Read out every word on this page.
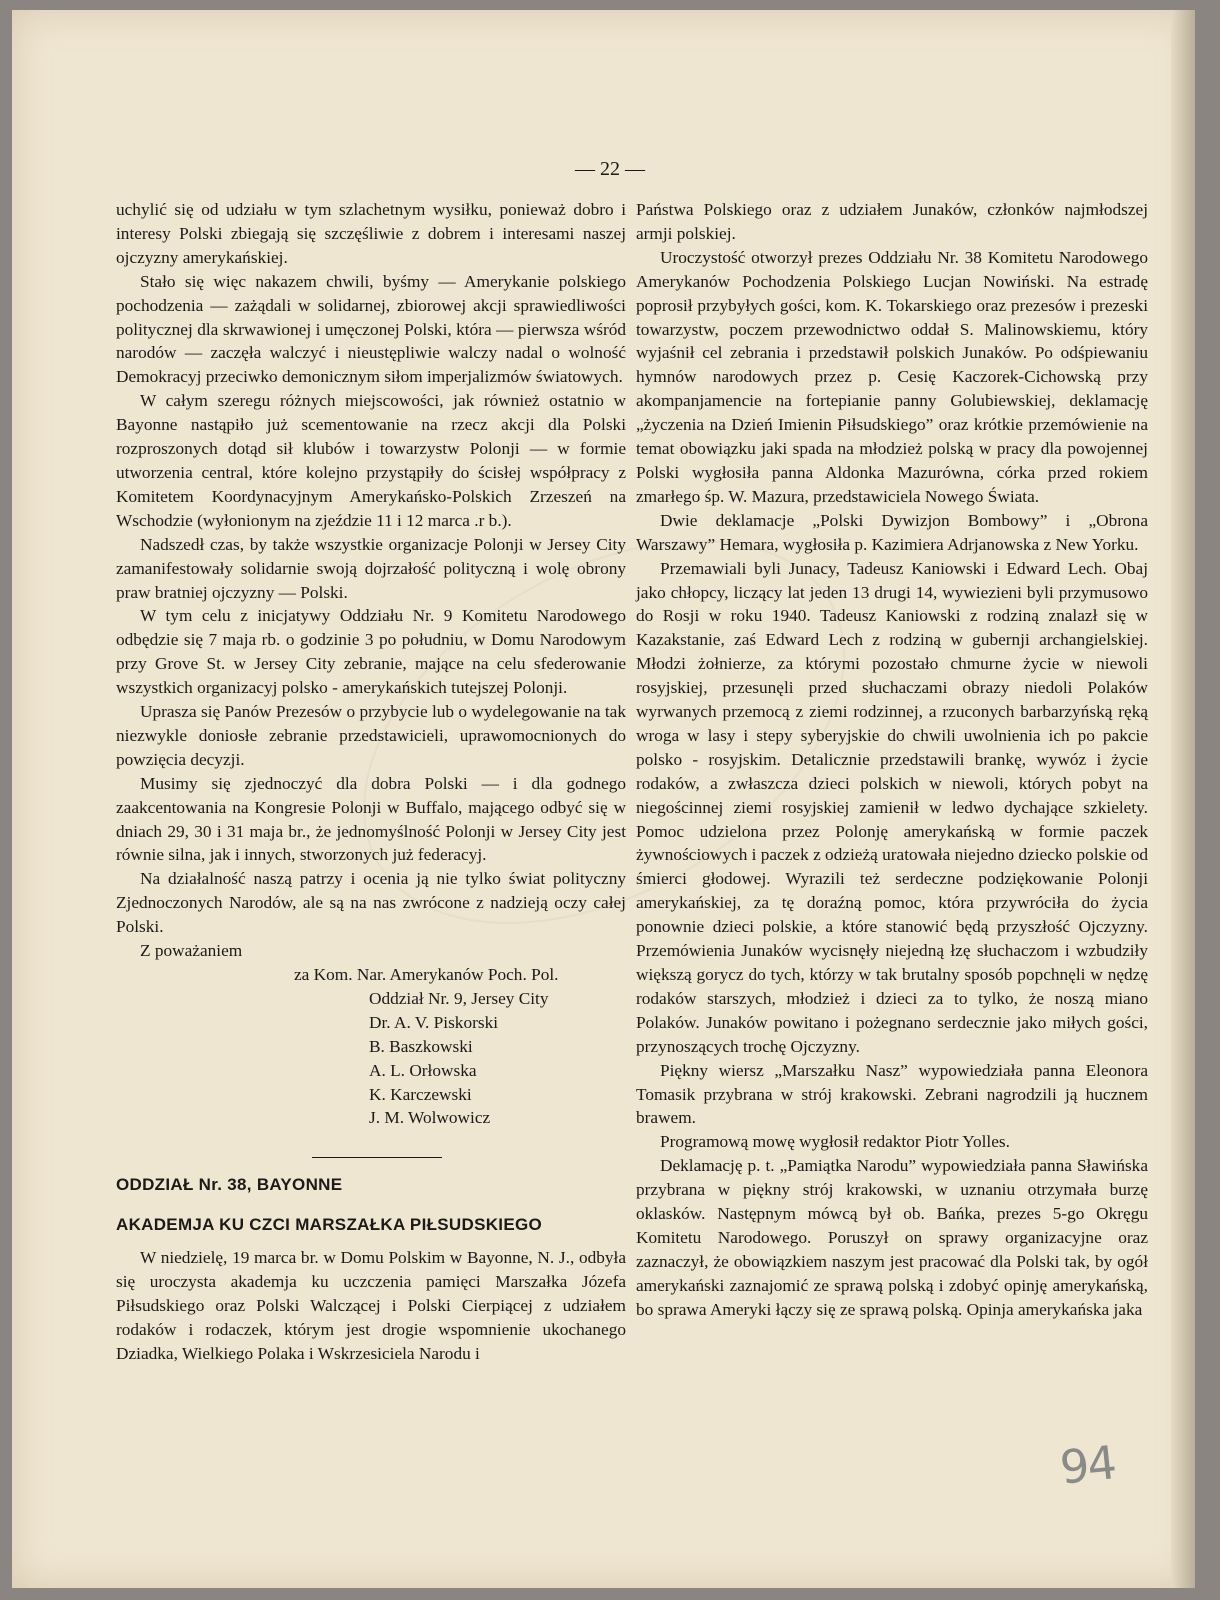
— 22 —

uchylić się od udziału w tym szlachetnym wysiłku, ponieważ dobro i interesy Polski zbiegają się szczęśliwie z dobrem i interesami naszej ojczyzny amerykańskiej.

Stało się więc nakazem chwili, byśmy — Amerykanie polskiego pochodzenia — zażądali w solidarnej, zbiorowej akcji sprawiedliwości politycznej dla skrwawionej i umęczonej Polski, która — pierwsza wśród narodów — zaczęła walczyć i nieustępliwie walczy nadal o wolność Demokracyj przeciwko demonicznym siłom imperjalizmów światowych.

W całym szeregu różnych miejscowości, jak również ostatnio w Bayonne nastąpiło już scementowanie na rzecz akcji dla Polski rozproszonych dotąd sił klubów i towarzystw Polonji — w formie utworzenia central, które kolejno przystąpiły do ścisłej współpracy z Komitetem Koordynacyjnym Amerykańsko-Polskich Zrzeszeń na Wschodzie (wyłonionym na zjeździe 11 i 12 marca .r b.).

Nadszedł czas, by także wszystkie organizacje Polonji w Jersey City zamanifestowały solidarnie swoją dojrzałość polityczną i wolę obrony praw bratniej ojczyzny — Polski.

W tym celu z inicjatywy Oddziału Nr. 9 Komitetu Narodowego odbędzie się 7 maja rb. o godzinie 3 po południu, w Domu Narodowym przy Grove St. w Jersey City zebranie, mające na celu sfederowanie wszystkich organizacyj polsko - amerykańskich tutejszej Polonji.

Uprasza się Panów Prezesów o przybycie lub o wydelegowanie na tak niezwykle doniosłe zebranie przedstawicieli, uprawomocnionych do powzięcia decyzji.

Musimy się zjednoczyć dla dobra Polski — i dla godnego zaakcentowania na Kongresie Polonji w Buffalo, mającego odbyć się w dniach 29, 30 i 31 maja br., że jednomyślność Polonji w Jersey City jest równie silna, jak i innych, stworzonych już federacyj.

Na działalność naszą patrzy i ocenia ją nie tylko świat polityczny Zjednoczonych Narodów, ale są na nas zwrócone z nadzieją oczy całej Polski.

Z poważaniem

za Kom. Nar. Amerykanów Poch. Pol.
Oddział Nr. 9, Jersey City
Dr. A. V. Piskorski
B. Baszkowski
A. L. Orłowska
K. Karczewski
J. M. Wolwowicz
ODDZIAŁ Nr. 38, BAYONNE
AKADEMJA KU CZCI MARSZAŁKA PIŁSUDSKIEGO

W niedzielę, 19 marca br. w Domu Polskim w Bayonne, N. J., odbyła się uroczysta akademja ku uczczenia pamięci Marszałka Józefa Piłsudskiego oraz Polski Walczącej i Polski Cierpiącej z udziałem rodaków i rodaczek, którym jest drogie wspomnienie ukochanego Dziadka, Wielkiego Polaka i Wskrzesiciela Narodu i

Państwa Polskiego oraz z udziałem Junaków, członków najmłodszej armji polskiej.

Uroczystość otworzył prezes Oddziału Nr. 38 Komitetu Narodowego Amerykanów Pochodzenia Polskiego Lucjan Nowiński. Na estradę poprosił przybyłych gości, kom. K. Tokarskiego oraz prezesów i prezeski towarzystw, poczem przewodnictwo oddał S. Malinowskiemu, który wyjaśnił cel zebrania i przedstawił polskich Junaków. Po odśpiewaniu hymnów narodowych przez p. Cesię Kaczorek-Cichowską przy akompanjamencie na fortepianie panny Golubiewskiej, deklamację „życzenia na Dzień Imienin Piłsudskiego” oraz krótkie przemówienie na temat obowiązku jaki spada na młodzież polską w pracy dla powojennej Polski wygłosiła panna Aldonka Mazurówna, córka przed rokiem zmarłego śp. W. Mazura, przedstawiciela Nowego Świata.

Dwie deklamacje „Polski Dywizjon Bombowy” i „Obrona Warszawy” Hemara, wygłosiła p. Kazimiera Adrjanowska z New Yorku.

Przemawiali byli Junacy, Tadeusz Kaniowski i Edward Lech. Obaj jako chłopcy, liczący lat jeden 13 drugi 14, wywiezieni byli przymusowo do Rosji w roku 1940. Tadeusz Kaniowski z rodziną znalazł się w Kazakstanie, zaś Edward Lech z rodziną w gubernji archangielskiej. Młodzi żołnierze, za którymi pozostało chmurne życie w niewoli rosyjskiej, przesunęli przed słuchaczami obrazy niedoli Polaków wyrwanych przemocą z ziemi rodzinnej, a rzuconych barbarzyńską ręką wroga w lasy i stepy syberyjskie do chwili uwolnienia ich po pakcie polsko - rosyjskim. Detalicznie przedstawili brankę, wywóz i życie rodaków, a zwłaszcza dzieci polskich w niewoli, których pobyt na niegościnnej ziemi rosyjskiej zamienił w ledwo dychające szkielety. Pomoc udzielona przez Polonję amerykańską w formie paczek żywnościowych i paczek z odzieżą uratowała niejedno dziecko polskie od śmierci głodowej. Wyrazili też serdeczne podziękowanie Polonji amerykańskiej, za tę doraźną pomoc, która przywróciła do życia ponownie dzieci polskie, a które stanowić będą przyszłość Ojczyzny. Przemówienia Junaków wycisnęły niejedną łzę słuchaczom i wzbudziły większą gorycz do tych, którzy w tak brutalny sposób popchnęli w nędzę rodaków starszych, młodzież i dzieci za to tylko, że noszą miano Polaków. Junaków powitano i pożegnano serdecznie jako miłych gości, przynoszących trochę Ojczyzny.

Piękny wiersz „Marszałku Nasz” wypowiedziała panna Eleonora Tomasik przybrana w strój krakowski. Zebrani nagrodzili ją hucznem brawem.

Programową mowę wygłosił redaktor Piotr Yolles.

Deklamację p. t. „Pamiątka Narodu” wypowiedziała panna Sławińska przybrana w piękny strój krakowski, w uznaniu otrzymała burzę oklasków. Następnym mówcą był ob. Bańka, prezes 5-go Okręgu Komitetu Narodowego. Poruszył on sprawy organizacyjne oraz zaznaczył, że obowiązkiem naszym jest pracować dla Polski tak, by ogół amerykański zaznajomić ze sprawą polską i zdobyć opinję amerykańską, bo sprawa Ameryki łączy się ze sprawą polską. Opinja amerykańska jaka

94
